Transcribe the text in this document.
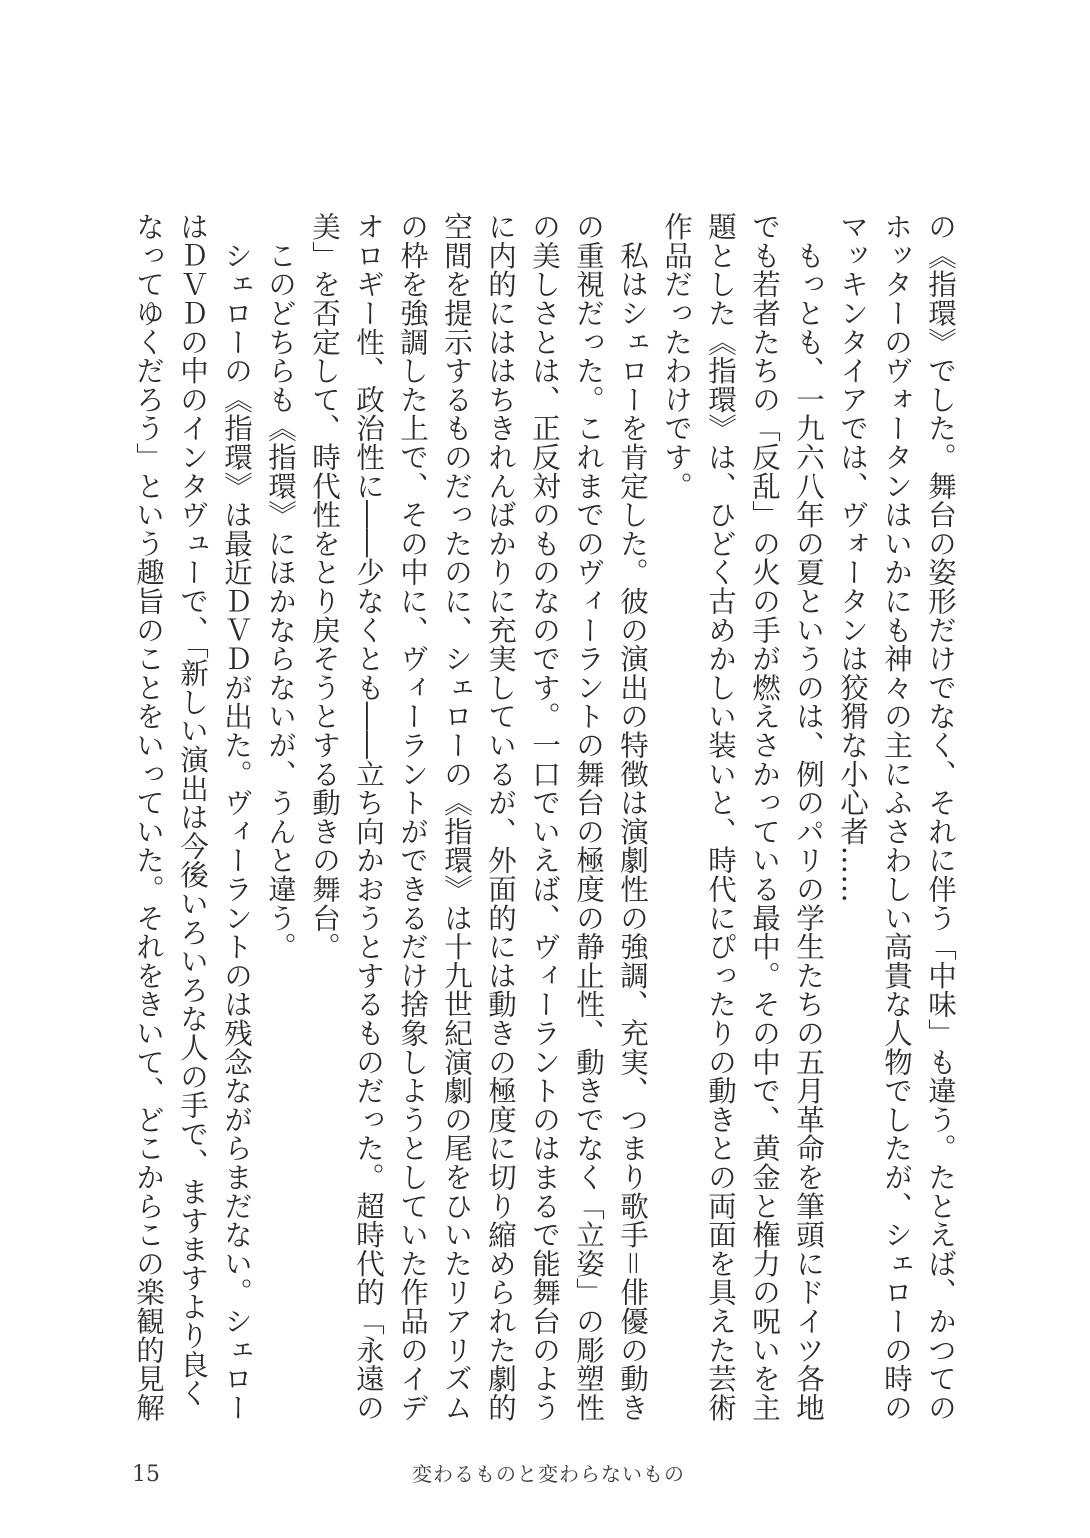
の《指環》でした。舞台の姿形だけでなく、それに伴う「中味」も違う。たとえば、かつての
ホッターのヴォータンはいかにも神々の主にふさわしい高貴な人物でしたが、シェローの時の
マッキンタイアでは、ヴォータンは狡猾な小心者……
　もっとも、一九六八年の夏というのは、例のパリの学生たちの五月革命を筆頭にドイツ各地
でも若者たちの「反乱」の火の手が燃えさかっている最中。その中で、黄金と権力の呪いを主
題とした《指環》は、ひどく古めかしい装いと、時代にぴったりの動きとの両面を具えた芸術
作品だったわけです。
　私はシェローを肯定した。彼の演出の特徴は演劇性の強調、充実、つまり歌手＝俳優の動き
の重視だった。これまでのヴィーラントの舞台の極度の静止性、動きでなく「立姿」の彫塑性
の美しさとは、正反対のものなのです。一口でいえば、ヴィーラントのはまるで能舞台のよう
に内的にははちきれんばかりに充実しているが、外面的には動きの極度に切り縮められた劇的
空間を提示するものだったのに、シェローの《指環》は十九世紀演劇の尾をひいたリアリズム
の枠を強調した上で、その中に、ヴィーラントができるだけ捨象しようとしていた作品のイデ
オロギー性、政治性に――少なくとも――立ち向かおうとするものだった。超時代的「永遠の
美」を否定して、時代性をとり戻そうとする動きの舞台。
　このどちらも《指環》にほかならないが、うんと違う。
　シェローの《指環》は最近ＤＶＤが出た。ヴィーラントのは残念ながらまだない。シェロー
はＤＶＤの中のインタヴューで、「新しい演出は今後いろいろな人の手で、ますますより良く
なってゆくだろう」という趣旨のことをいっていた。それをきいて、どこからこの楽観的見解
15	変わるものと変わらないもの
